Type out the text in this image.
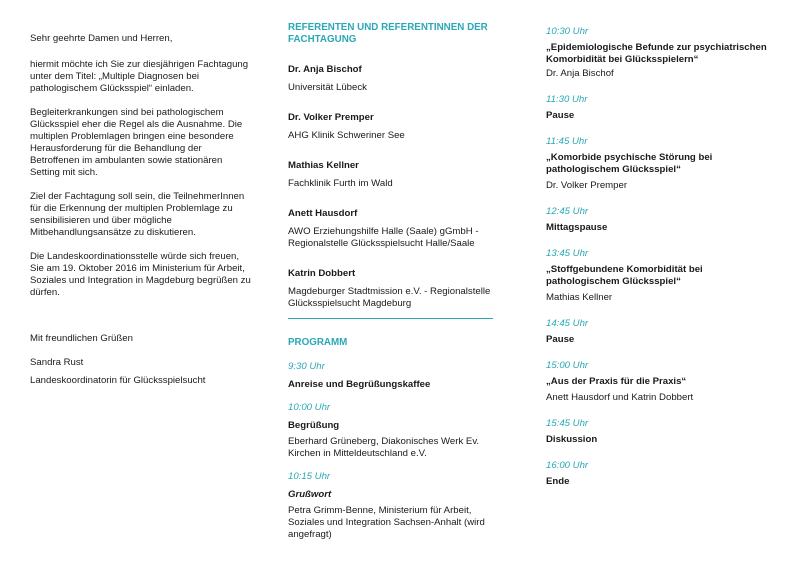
Sehr geehrte Damen und Herren,

hiermit möchte ich Sie zur diesjährigen Fachtagung unter dem Titel: „Multiple Diagnosen bei pathologischem Glücksspiel“ einladen.

Begleiterkrankungen sind bei pathologischem Glücksspiel eher die Regel als die Ausnahme. Die multiplen Problemlagen bringen eine besondere Herausforderung für die Behandlung der Betroffenen im ambulanten sowie stationären Setting mit sich.

Ziel der Fachtagung soll sein, die TeilnehmerInnen für die Erkennung der multiplen Problemlage zu sensibilisieren und über mögliche Mitbehandlungsansätze zu diskutieren.

Die Landeskoordinationsstelle würde sich freuen, Sie am 19. Oktober 2016 im Ministerium für Arbeit, Soziales und Integration in Magdeburg begrüßen zu dürfen.

Mit freundlichen Grüßen

Sandra Rust

Landeskoordinatorin für Glücksspielsucht

REFERENTEN UND REFERENTINNEN DER FACHTAGUNG

Dr. Anja Bischof

Universität Lübeck

Dr. Volker Premper

AHG Klinik Schweriner See

Mathias Kellner

Fachklinik Furth im Wald

Anett Hausdorf

AWO Erziehungshilfe Halle (Saale) gGmbH - Regionalstelle Glücksspielsucht Halle/Saale

Katrin Dobbert

Magdeburger Stadtmission e.V. - Regionalstelle Glücksspielsucht Magdeburg

PROGRAMM

9:30 Uhr

Anreise und Begrüßungskaffee

10:00 Uhr

Begrüßung

Eberhard Grüneberg, Diakonisches Werk Ev. Kirchen in Mitteldeutschland e.V.

10:15 Uhr

Grußwort

Petra Grimm-Benne, Ministerium für Arbeit, Soziales und Integration Sachsen-Anhalt (wird angefragt)

10:30 Uhr

„Epidemiologische Befunde zur psychiatrischen Komorbidität bei Glücksspielern“

Dr. Anja Bischof

11:30 Uhr

Pause

11:45 Uhr

„Komorbide psychische Störung bei pathologischem Glücksspiel“

Dr. Volker Premper

12:45 Uhr

Mittagspause

13:45 Uhr

„Stoffgebundene Komorbidität bei pathologischem Glücksspiel“

Mathias Kellner

14:45 Uhr

Pause

15:00 Uhr

„Aus der Praxis für die Praxis“

Anett Hausdorf und Katrin Dobbert

15:45 Uhr

Diskussion

16:00 Uhr

Ende
